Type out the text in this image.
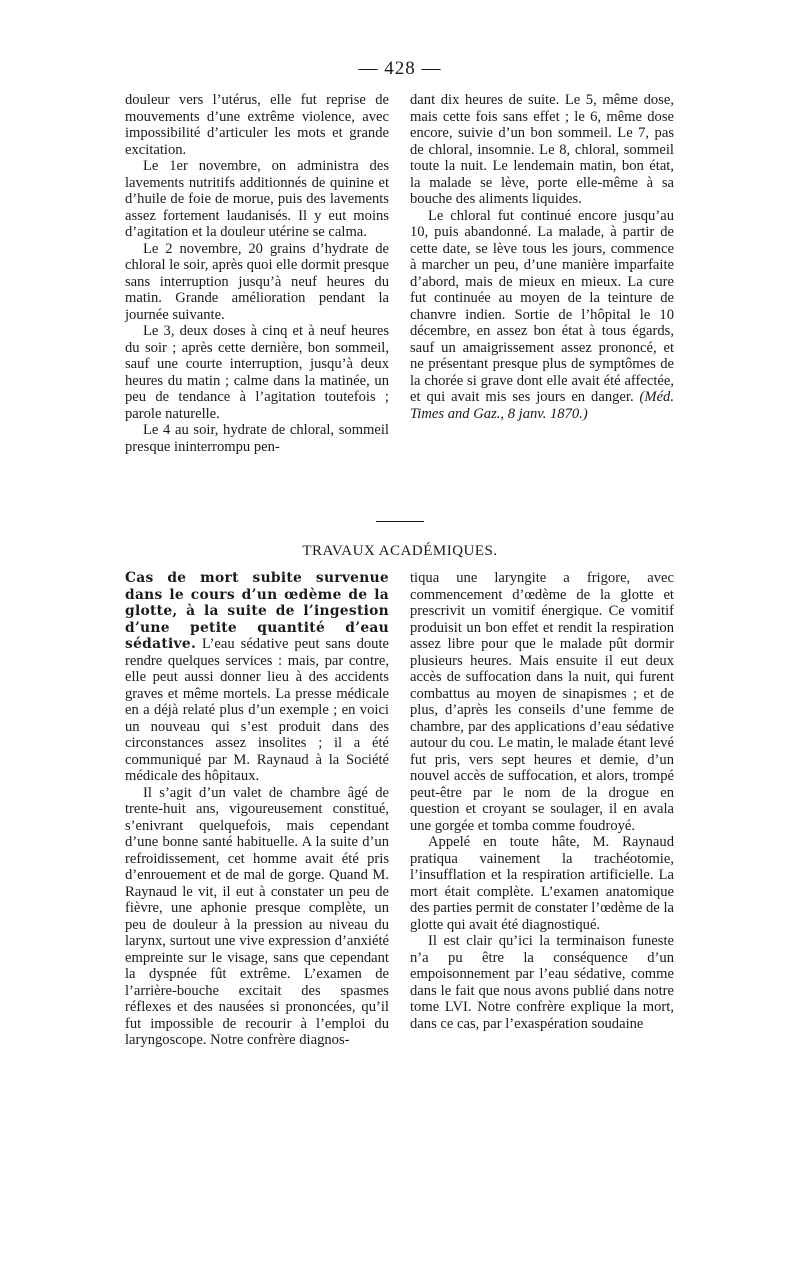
— 428 —

douleur vers l’utérus, elle fut reprise de mouvements d’une extrême violence, avec impossibilité d’articuler les mots et grande excitation.

Le 1er novembre, on administra des lavements nutritifs additionnés de quinine et d’huile de foie de morue, puis des lavements assez fortement laudanisés. Il y eut moins d’agitation et la douleur utérine se calma.

Le 2 novembre, 20 grains d’hydrate de chloral le soir, après quoi elle dormit presque sans interruption jusqu’à neuf heures du matin. Grande amélioration pendant la journée suivante.

Le 3, deux doses à cinq et à neuf heures du soir ; après cette dernière, bon sommeil, sauf une courte interruption, jusqu’à deux heures du matin ; calme dans la matinée, un peu de tendance à l’agitation toutefois ; parole naturelle.

Le 4 au soir, hydrate de chloral, sommeil presque ininterrompu pen-

dant dix heures de suite. Le 5, même dose, mais cette fois sans effet ; le 6, même dose encore, suivie d’un bon sommeil. Le 7, pas de chloral, insomnie. Le 8, chloral, sommeil toute la nuit. Le lendemain matin, bon état, la malade se lève, porte elle-même à sa bouche des aliments liquides.

Le chloral fut continué encore jusqu’au 10, puis abandonné. La malade, à partir de cette date, se lève tous les jours, commence à marcher un peu, d’une manière imparfaite d’abord, mais de mieux en mieux. La cure fut continuée au moyen de la teinture de chanvre indien. Sortie de l’hôpital le 10 décembre, en assez bon état à tous égards, sauf un amaigrissement assez prononcé, et ne présentant presque plus de symptômes de la chorée si grave dont elle avait été affectée, et qui avait mis ses jours en danger. (Méd. Times and Gaz., 8 janv. 1870.)

TRAVAUX ACADÉMIQUES.

Cas de mort subite survenue dans le cours d’un œdème de la glotte, à la suite de l’ingestion d’une petite quantité d’eau sédative. L’eau sédative peut sans doute rendre quelques services : mais, par contre, elle peut aussi donner lieu à des accidents graves et même mortels. La presse médicale en a déjà relaté plus d’un exemple ; en voici un nouveau qui s’est produit dans des circonstances assez insolites ; il a été communiqué par M. Raynaud à la Société médicale des hôpitaux.

Il s’agit d’un valet de chambre âgé de trente-huit ans, vigoureusement constitué, s’enivrant quelquefois, mais cependant d’une bonne santé habituelle. A la suite d’un refroidissement, cet homme avait été pris d’enrouement et de mal de gorge. Quand M. Raynaud le vit, il eut à constater un peu de fièvre, une aphonie presque complète, un peu de douleur à la pression au niveau du larynx, surtout une vive expression d’anxiété empreinte sur le visage, sans que cependant la dyspnée fût extrême. L’examen de l’arrière-bouche excitait des spasmes réflexes et des nausées si prononcées, qu’il fut impossible de recourir à l’emploi du laryngoscope. Notre confrère diagnos-

tiqua une laryngite a frigore, avec commencement d’œdème de la glotte et prescrivit un vomitif énergique. Ce vomitif produisit un bon effet et rendit la respiration assez libre pour que le malade pût dormir plusieurs heures. Mais ensuite il eut deux accès de suffocation dans la nuit, qui furent combattus au moyen de sinapismes ; et de plus, d’après les conseils d’une femme de chambre, par des applications d’eau sédative autour du cou. Le matin, le malade étant levé fut pris, vers sept heures et demie, d’un nouvel accès de suffocation, et alors, trompé peut-être par le nom de la drogue en question et croyant se soulager, il en avala une gorgée et tomba comme foudroyé.

Appelé en toute hâte, M. Raynaud pratiqua vainement la trachéotomie, l’insufflation et la respiration artificielle. La mort était complète. L’examen anatomique des parties permit de constater l’œdème de la glotte qui avait été diagnostiqué.

Il est clair qu’ici la terminaison funeste n’a pu être la conséquence d’un empoisonnement par l’eau sédative, comme dans le fait que nous avons publié dans notre tome LVI. Notre confrère explique la mort, dans ce cas, par l’exaspération soudaine
